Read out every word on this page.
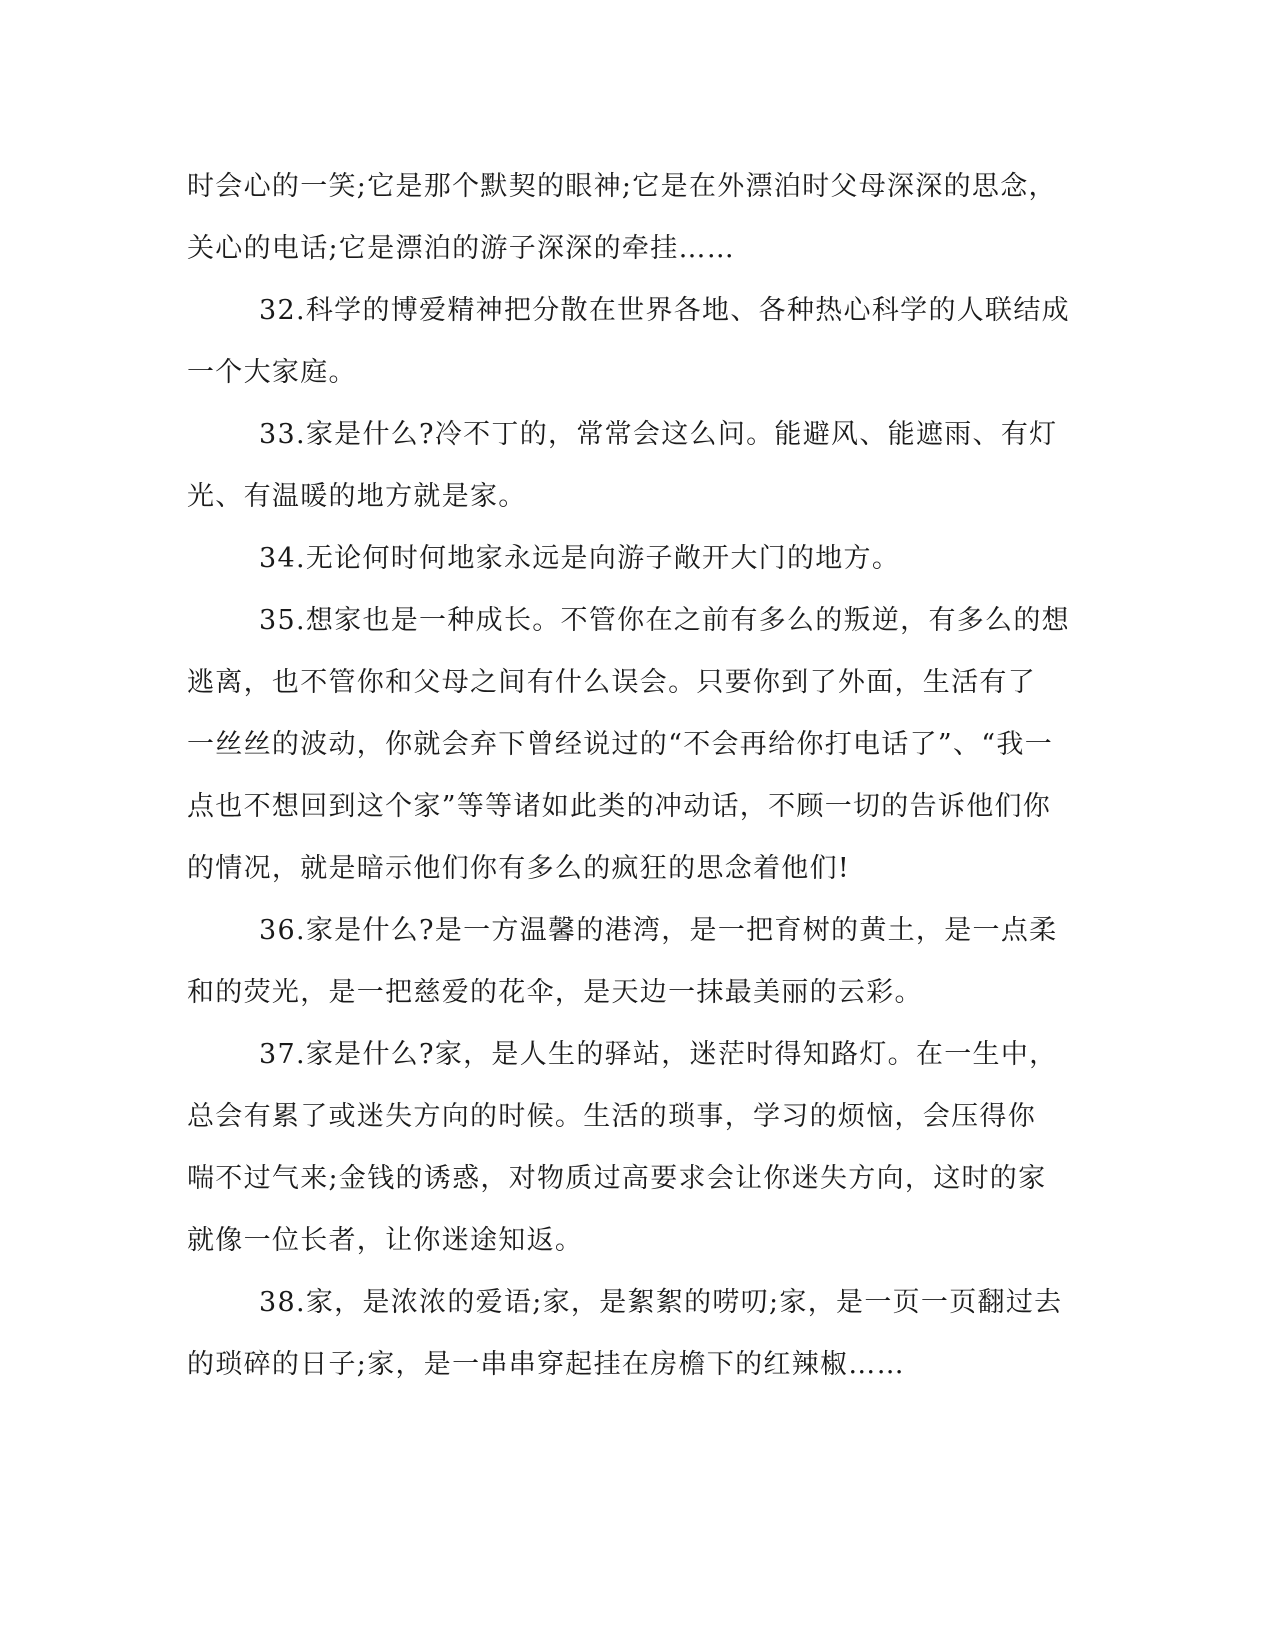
时会心的一笑;它是那个默契的眼神;它是在外漂泊时父母深深的思念，
关心的电话;它是漂泊的游子深深的牵挂……
32.科学的博爱精神把分散在世界各地、各种热心科学的人联结成
一个大家庭。
33.家是什么?冷不丁的，常常会这么问。能避风、能遮雨、有灯
光、有温暖的地方就是家。
34.无论何时何地家永远是向游子敞开大门的地方。
35.想家也是一种成长。不管你在之前有多么的叛逆，有多么的想
逃离，也不管你和父母之间有什么误会。只要你到了外面，生活有了
一丝丝的波动，你就会弃下曾经说过的“不会再给你打电话了”、“我一
点也不想回到这个家”等等诸如此类的冲动话，不顾一切的告诉他们你
的情况，就是暗示他们你有多么的疯狂的思念着他们!
36.家是什么?是一方温馨的港湾，是一把育树的黄土，是一点柔
和的荧光，是一把慈爱的花伞，是天边一抹最美丽的云彩。
37.家是什么?家，是人生的驿站，迷茫时得知路灯。在一生中，
总会有累了或迷失方向的时候。生活的琐事，学习的烦恼，会压得你
喘不过气来;金钱的诱惑，对物质过高要求会让你迷失方向，这时的家
就像一位长者，让你迷途知返。
38.家，是浓浓的爱语;家，是絮絮的唠叨;家，是一页一页翻过去
的琐碎的日子;家，是一串串穿起挂在房檐下的红辣椒……
